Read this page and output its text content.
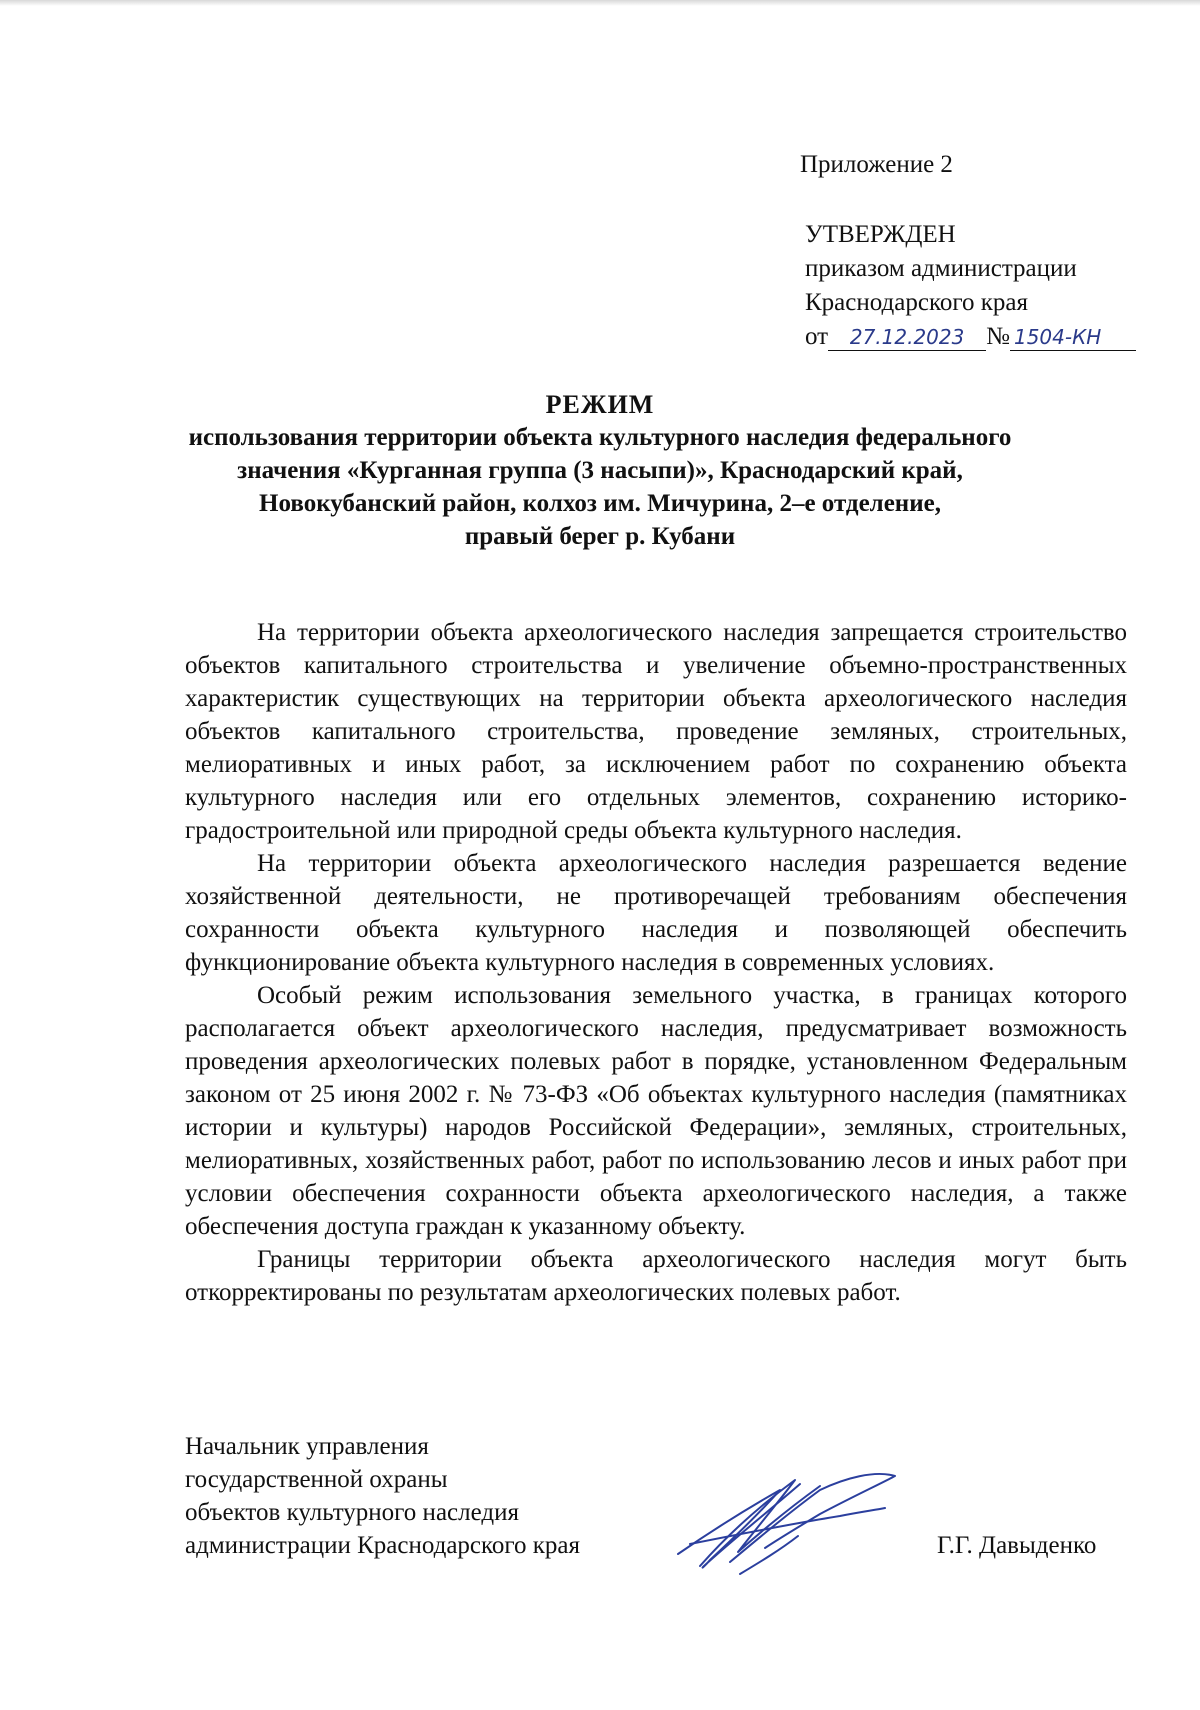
Приложение 2
УТВЕРЖДЕН
приказом администрации
Краснодарского края
от 27.12.2023 № 1504-КН
РЕЖИМ
использования территории объекта культурного наследия федерального
значения «Курганная группа (3 насыпи)», Краснодарский край,
Новокубанский район, колхоз им. Мичурина, 2–е отделение,
правый берег р. Кубани

На территории объекта археологического наследия запрещается строительство объектов капитального строительства и увеличение объемно-пространственных характеристик существующих на территории объекта археологического наследия объектов капитального строительства, проведение земляных, строительных, мелиоративных и иных работ, за исключением работ по сохранению объекта культурного наследия или его отдельных элементов, сохранению историко-градостроительной или природной среды объекта культурного наследия.

На территории объекта археологического наследия разрешается ведение хозяйственной деятельности, не противоречащей требованиям обеспечения сохранности объекта культурного наследия и позволяющей обеспечить функционирование объекта культурного наследия в современных условиях.

Особый режим использования земельного участка, в границах которого располагается объект археологического наследия, предусматривает возможность проведения археологических полевых работ в порядке, установленном Федеральным законом от 25 июня 2002 г. № 73-ФЗ «Об объектах культурного наследия (памятниках истории и культуры) народов Российской Федерации», земляных, строительных, мелиоративных, хозяйственных работ, работ по использованию лесов и иных работ при условии обеспечения сохранности объекта археологического наследия, а также обеспечения доступа граждан к указанному объекту.

Границы территории объекта археологического наследия могут быть откорректированы по результатам археологических полевых работ.

Начальник управления
государственной охраны
объектов культурного наследия
администрации Краснодарского края	Г.Г. Давыденко
